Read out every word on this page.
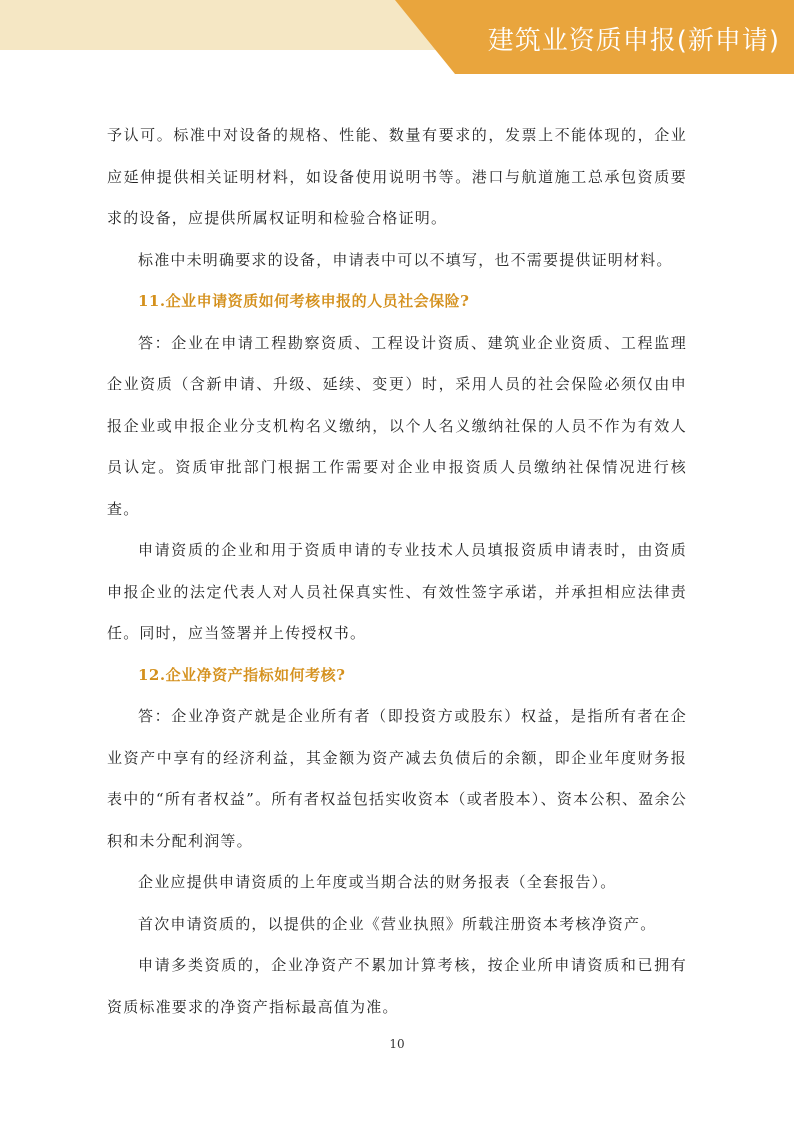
建筑业资质申报(新申请)

予认可。标准中对设备的规格、性能、数量有要求的，发票上不能体现的，企业应延伸提供相关证明材料，如设备使用说明书等。港口与航道施工总承包资质要求的设备，应提供所属权证明和检验合格证明。

标准中未明确要求的设备，申请表中可以不填写，也不需要提供证明材料。

11.企业申请资质如何考核申报的人员社会保险?

答：企业在申请工程勘察资质、工程设计资质、建筑业企业资质、工程监理企业资质（含新申请、升级、延续、变更）时，采用人员的社会保险必须仅由申报企业或申报企业分支机构名义缴纳，以个人名义缴纳社保的人员不作为有效人员认定。资质审批部门根据工作需要对企业申报资质人员缴纳社保情况进行核查。

申请资质的企业和用于资质申请的专业技术人员填报资质申请表时，由资质申报企业的法定代表人对人员社保真实性、有效性签字承诺，并承担相应法律责任。同时，应当签署并上传授权书。

12.企业净资产指标如何考核?

答：企业净资产就是企业所有者（即投资方或股东）权益，是指所有者在企业资产中享有的经济利益，其金额为资产减去负债后的余额，即企业年度财务报表中的“所有者权益”。所有者权益包括实收资本（或者股本）、资本公积、盈余公积和未分配利润等。

企业应提供申请资质的上年度或当期合法的财务报表（全套报告）。

首次申请资质的，以提供的企业《营业执照》所载注册资本考核净资产。

申请多类资质的，企业净资产不累加计算考核，按企业所申请资质和已拥有资质标准要求的净资产指标最高值为准。

10
